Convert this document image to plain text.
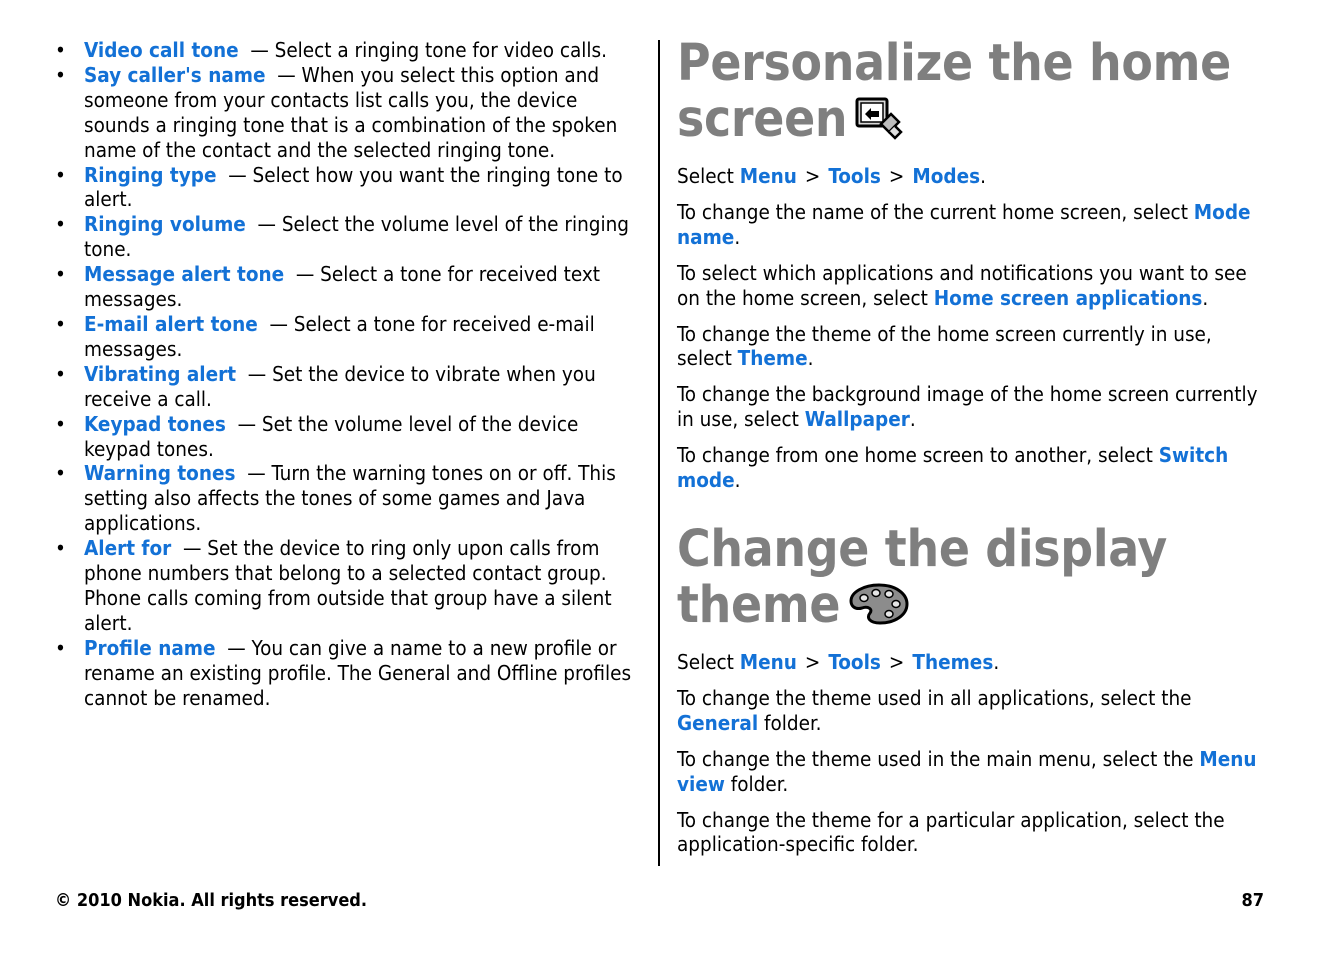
• Video call tone — Select a ringing tone for video calls.
• Say caller's name — When you select this option and someone from your contacts list calls you, the device sounds a ringing tone that is a combination of the spoken name of the contact and the selected ringing tone.
• Ringing type — Select how you want the ringing tone to alert.
• Ringing volume — Select the volume level of the ringing tone.
• Message alert tone — Select a tone for received text messages.
• E-mail alert tone — Select a tone for received e-mail messages.
• Vibrating alert — Set the device to vibrate when you receive a call.
• Keypad tones — Set the volume level of the device keypad tones.
• Warning tones — Turn the warning tones on or off. This setting also affects the tones of some games and Java applications.
• Alert for — Set the device to ring only upon calls from phone numbers that belong to a selected contact group. Phone calls coming from outside that group have a silent alert.
• Profile name — You can give a name to a new profile or rename an existing profile. The General and Offline profiles cannot be renamed.
Personalize the home screen

Select Menu > Tools > Modes.

To change the name of the current home screen, select Mode name.

To select which applications and notifications you want to see on the home screen, select Home screen applications.

To change the theme of the home screen currently in use, select Theme.

To change the background image of the home screen currently in use, select Wallpaper.

To change from one home screen to another, select Switch mode.

Change the display theme

Select Menu > Tools > Themes.

To change the theme used in all applications, select the General folder.

To change the theme used in the main menu, select the Menu view folder.

To change the theme for a particular application, select the application-specific folder.

© 2010 Nokia. All rights reserved.	87
